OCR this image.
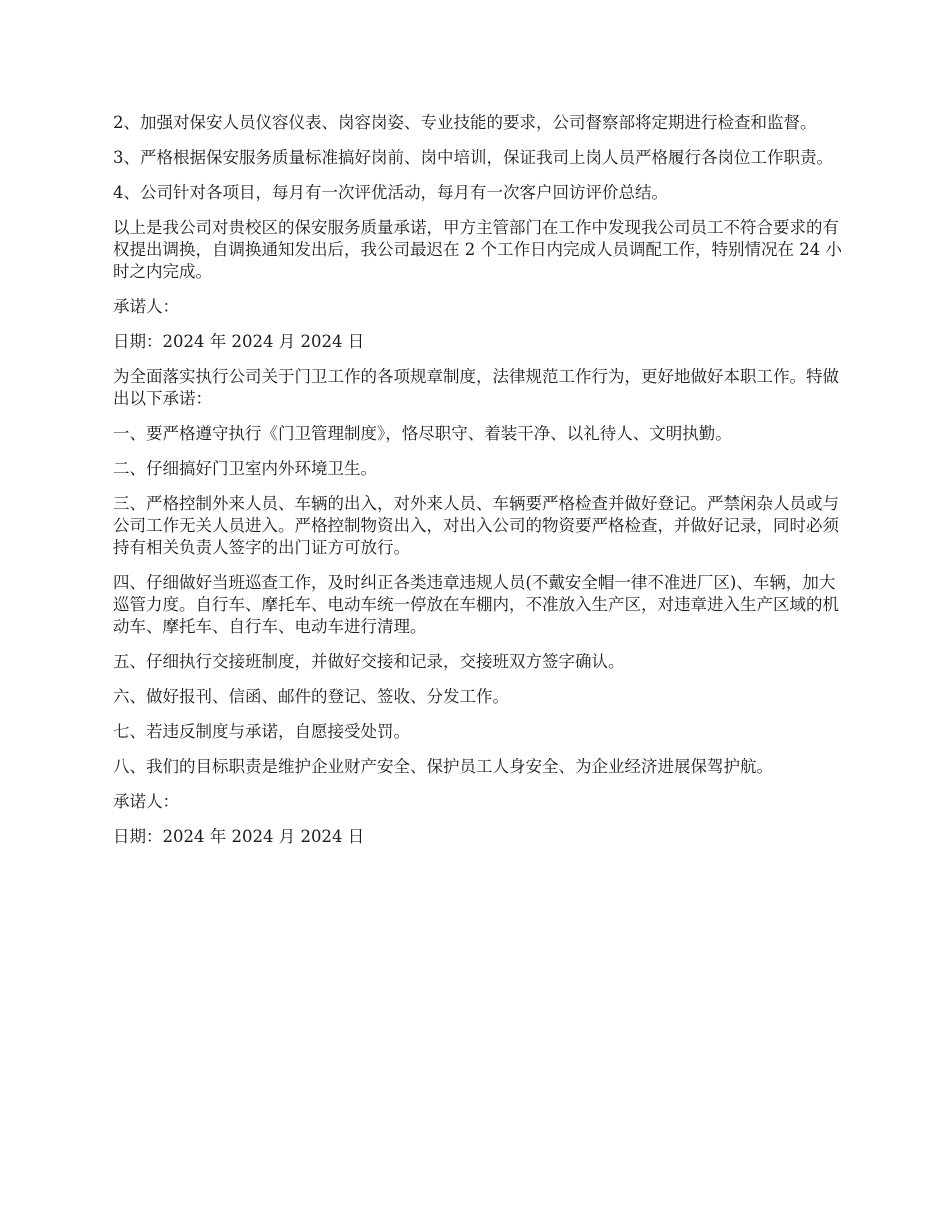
2、加强对保安人员仪容仪表、岗容岗姿、专业技能的要求，公司督察部将定期进行检查和监督。

3、严格根据保安服务质量标准搞好岗前、岗中培训，保证我司上岗人员严格履行各岗位工作职责。

4、公司针对各项目，每月有一次评优活动，每月有一次客户回访评价总结。

以上是我公司对贵校区的保安服务质量承诺，甲方主管部门在工作中发现我公司员工不符合要求的有权提出调换，自调换通知发出后，我公司最迟在 2 个工作日内完成人员调配工作，特别情况在 24 小时之内完成。

承诺人：

日期：2024 年 2024 月 2024 日

为全面落实执行公司关于门卫工作的各项规章制度，法律规范工作行为，更好地做好本职工作。特做出以下承诺：

一、要严格遵守执行《门卫管理制度》，恪尽职守、着装干净、以礼待人、文明执勤。

二、仔细搞好门卫室内外环境卫生。

三、严格控制外来人员、车辆的出入，对外来人员、车辆要严格检查并做好登记。严禁闲杂人员或与公司工作无关人员进入。严格控制物资出入，对出入公司的物资要严格检查，并做好记录，同时必须持有相关负责人签字的出门证方可放行。

四、仔细做好当班巡查工作，及时纠正各类违章违规人员(不戴安全帽一律不准进厂区)、车辆，加大巡管力度。自行车、摩托车、电动车统一停放在车棚内，不准放入生产区，对违章进入生产区域的机动车、摩托车、自行车、电动车进行清理。

五、仔细执行交接班制度，并做好交接和记录，交接班双方签字确认。

六、做好报刊、信函、邮件的登记、签收、分发工作。

七、若违反制度与承诺，自愿接受处罚。

八、我们的目标职责是维护企业财产安全、保护员工人身安全、为企业经济进展保驾护航。

承诺人：

日期：2024 年 2024 月 2024 日
